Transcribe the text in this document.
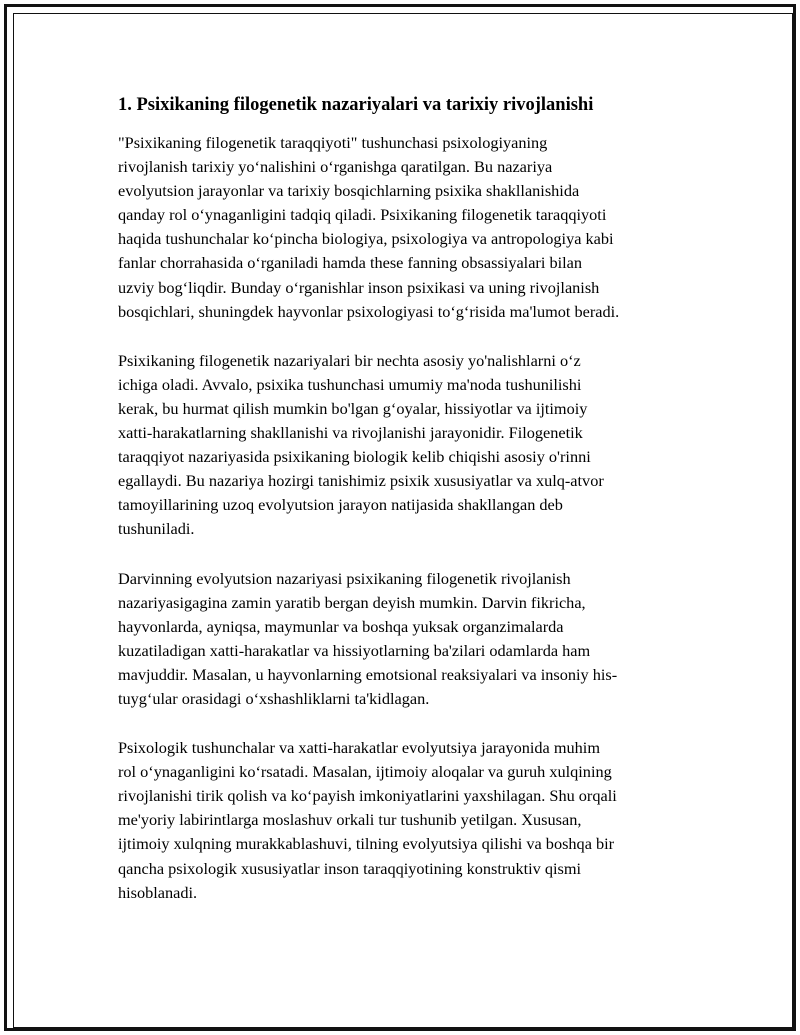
1. Psixikaning filogenetik nazariyalari va tarixiy rivojlanishi

"Psixikaning filogenetik taraqqiyoti" tushunchasi psixologiyaning
rivojlanish tarixiy yoʻnalishini oʻrganishga qaratilgan. Bu nazariya
evolyutsion jarayonlar va tarixiy bosqichlarning psixika shakllanishida
qanday rol oʻynaganligini tadqiq qiladi. Psixikaning filogenetik taraqqiyoti
haqida tushunchalar koʻpincha biologiya, psixologiya va antropologiya kabi
fanlar chorrahasida oʻrganiladi hamda these fanning obsassiyalari bilan
uzviy bogʻliqdir. Bunday oʻrganishlar inson psixikasi va uning rivojlanish
bosqichlari, shuningdek hayvonlar psixologiyasi toʻgʻrisida ma'lumot beradi.

Psixikaning filogenetik nazariyalari bir nechta asosiy yo'nalishlarni oʻz
ichiga oladi. Avvalo, psixika tushunchasi umumiy ma'noda tushunilishi
kerak, bu hurmat qilish mumkin bo'lgan gʻoyalar, hissiyotlar va ijtimoiy
xatti-harakatlarning shakllanishi va rivojlanishi jarayonidir. Filogenetik
taraqqiyot nazariyasida psixikaning biologik kelib chiqishi asosiy o'rinni
egallaydi. Bu nazariya hozirgi tanishimiz psixik xususiyatlar va xulq-atvor
tamoyillarining uzoq evolyutsion jarayon natijasida shakllangan deb
tushuniladi.

Darvinning evolyutsion nazariyasi psixikaning filogenetik rivojlanish
nazariyasigagina zamin yaratib bergan deyish mumkin. Darvin fikricha,
hayvonlarda, ayniqsa, maymunlar va boshqa yuksak organzimalarda
kuzatiladigan xatti-harakatlar va hissiyotlarning ba'zilari odamlarda ham
mavjuddir. Masalan, u hayvonlarning emotsional reaksiyalari va insoniy his-
tuygʻular orasidagi oʻxshashliklarni ta'kidlagan.

Psixologik tushunchalar va xatti-harakatlar evolyutsiya jarayonida muhim
rol oʻynaganligini koʻrsatadi. Masalan, ijtimoiy aloqalar va guruh xulqining
rivojlanishi tirik qolish va koʻpayish imkoniyatlarini yaxshilagan. Shu orqali
me'yoriy labirintlarga moslashuv orkali tur tushunib yetilgan. Xususan,
ijtimoiy xulqning murakkablashuvi, tilning evolyutsiya qilishi va boshqa bir
qancha psixologik xususiyatlar inson taraqqiyotining konstruktiv qismi
hisoblanadi.
